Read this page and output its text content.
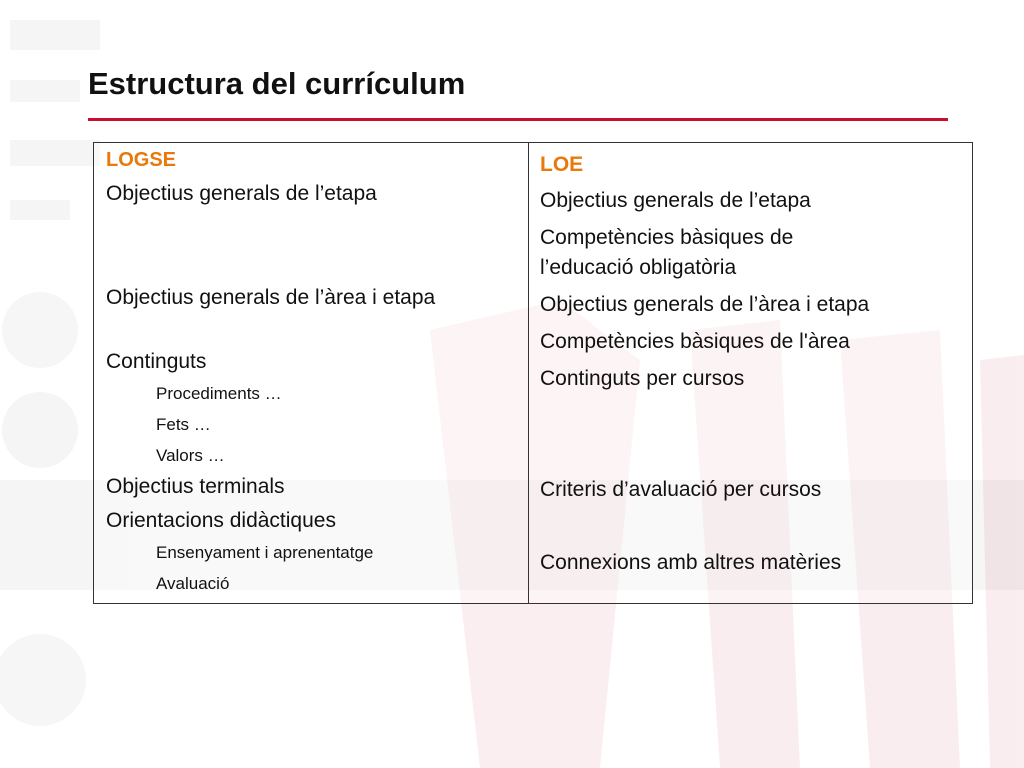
Estructura del currículum
LOGSE
Objectius generals de l’etapa
Objectius generals de l’àrea i etapa
Continguts
Procediments …
Fets …
Valors …
Objectius terminals
Orientacions didàctiques
Ensenyament i aprenentatge
Avaluació
LOE
Objectius generals de l’etapa
Competències bàsiques de
l’educació obligatòria
Objectius generals de l’àrea i etapa
Competències bàsiques de l'àrea
Continguts per cursos
Criteris d’avaluació per cursos
Connexions amb altres matèries
